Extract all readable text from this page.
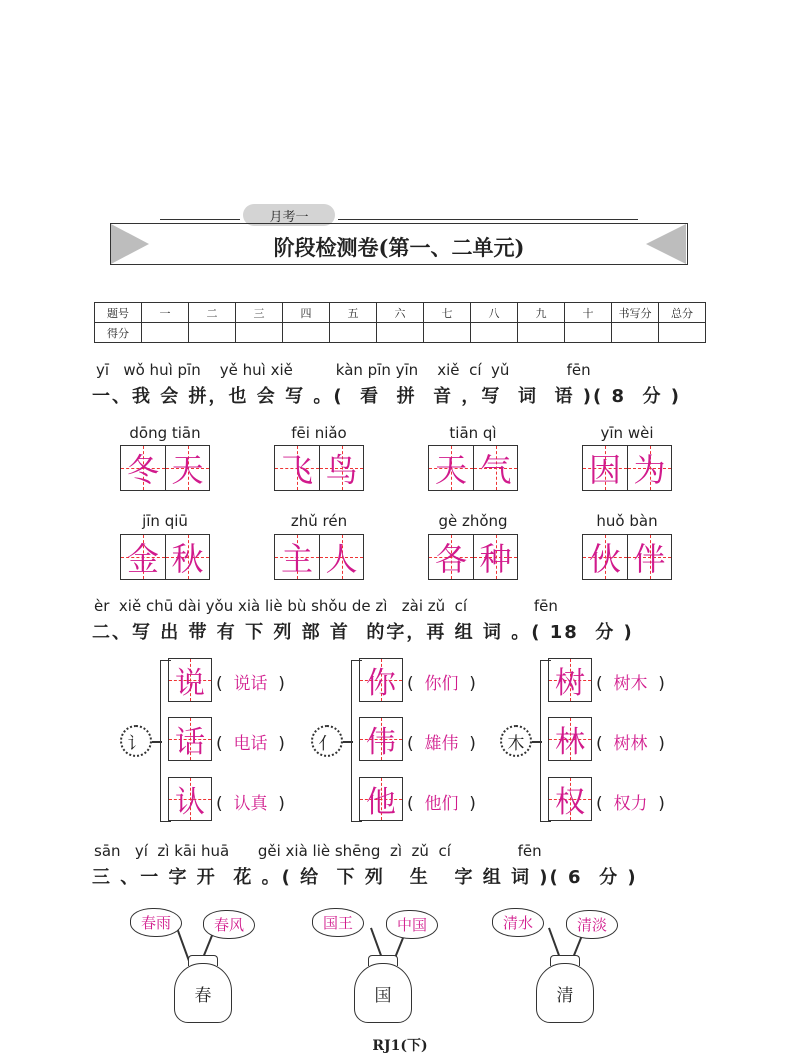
月考一
阶段检测卷(第一、二单元)
题号	一	二	三	四	五	六	七	八	九	十	书写分	总分
得分												
yī   wǒ huì pīn    yě huì xiě         kàn pīn yīn    xiě  cí  yǔ            fēn
一、我 会 拼，也 会 写 。(  看  拼  音 ，写  词  语 )( 8  分 )
dōng tiān
冬 天
fēi niǎo
飞 鸟
tiān qì
天 气
yīn wèi
因 为
jīn qiū
金 秋
zhǔ rén
主 人
gè zhǒng
各 种
huǒ bàn
伙 伴
èr  xiě chū dài yǒu xià liè bù shǒu de zì   zài zǔ  cí              fēn
二、写 出 带 有 下 列 部 首  的字，再 组 词 。( 18  分 )
讠
说
话
认
(  说话  )
(  电话  )
(  认真  )
亻
你
伟
他
(  你们  )
(  雄伟  )
(  他们  )
木
树
林
权
(  树木  )
(  树林  )
(  权力  )
sān   yí  zì kāi huā      gěi xià liè shēng  zì  zǔ  cí              fēn
三 、一 字 开  花 。( 给  下 列   生   字 组 词 )( 6  分 )
春雨	春风
春
国王	中国
国
清水	清淡
清
RJ1(下)
